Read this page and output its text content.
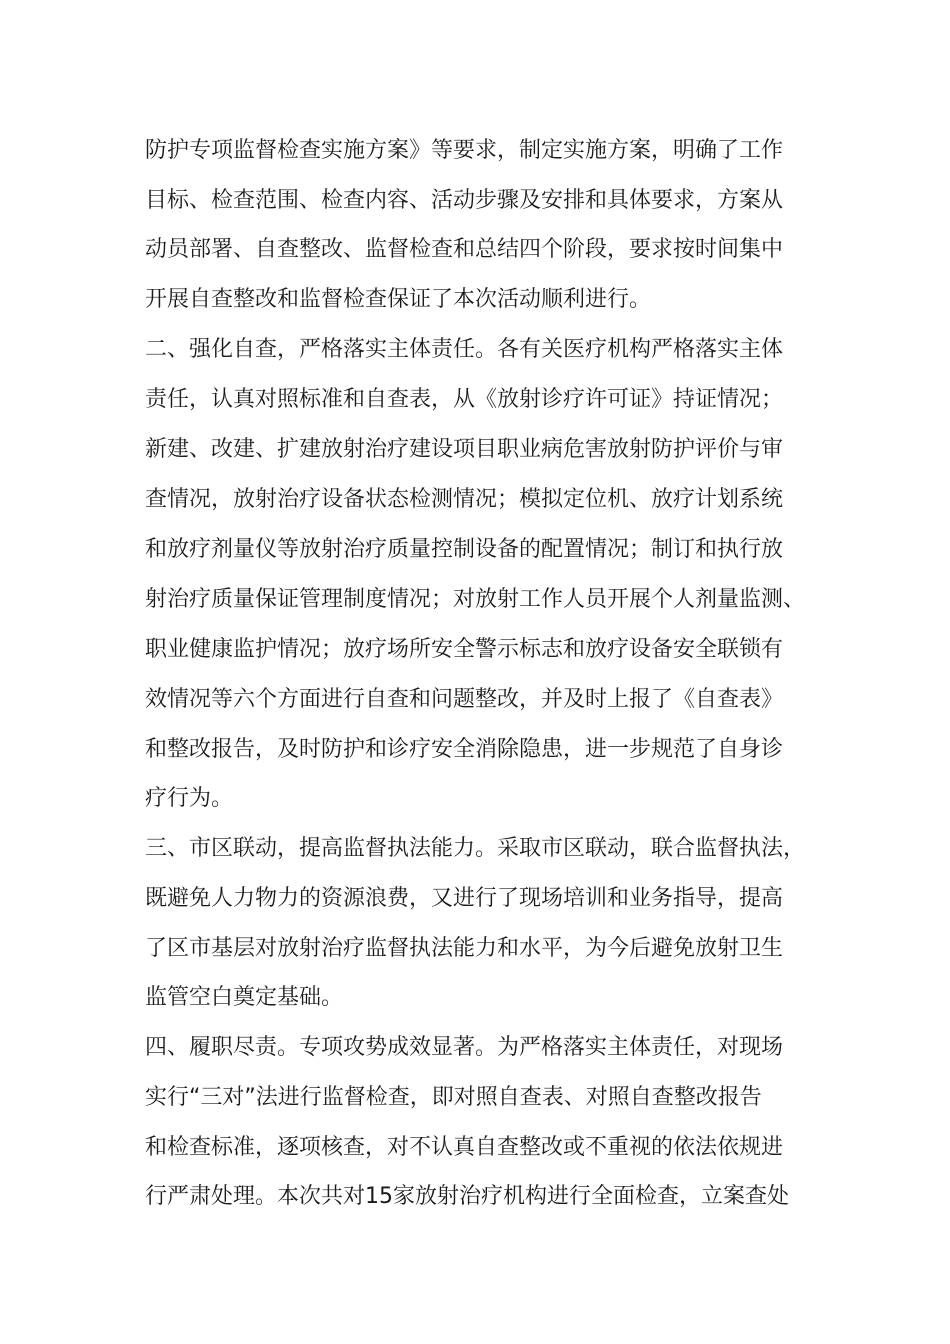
防护专项监督检查实施方案》等要求，制定实施方案，明确了工作
目标、检查范围、检查内容、活动步骤及安排和具体要求，方案从
动员部署、自查整改、监督检查和总结四个阶段，要求按时间集中
开展自查整改和监督检查保证了本次活动顺利进行。
二、强化自查，严格落实主体责任。各有关医疗机构严格落实主体
责任，认真对照标准和自查表，从《放射诊疗许可证》持证情况；
新建、改建、扩建放射治疗建设项目职业病危害放射防护评价与审
查情况，放射治疗设备状态检测情况；模拟定位机、放疗计划系统
和放疗剂量仪等放射治疗质量控制设备的配置情况；制订和执行放
射治疗质量保证管理制度情况；对放射工作人员开展个人剂量监测、
职业健康监护情况；放疗场所安全警示标志和放疗设备安全联锁有
效情况等六个方面进行自查和问题整改，并及时上报了《自查表》
和整改报告，及时防护和诊疗安全消除隐患，进一步规范了自身诊
疗行为。
三、市区联动，提高监督执法能力。采取市区联动，联合监督执法，
既避免人力物力的资源浪费，又进行了现场培训和业务指导，提高
了区市基层对放射治疗监督执法能力和水平，为今后避免放射卫生
监管空白奠定基础。
四、履职尽责。专项攻势成效显著。为严格落实主体责任，对现场
实行“三对”法进行监督检查，即对照自查表、对照自查整改报告
和检查标准，逐项核查，对不认真自查整改或不重视的依法依规进
行严肃处理。本次共对15家放射治疗机构进行全面检查，立案查处
